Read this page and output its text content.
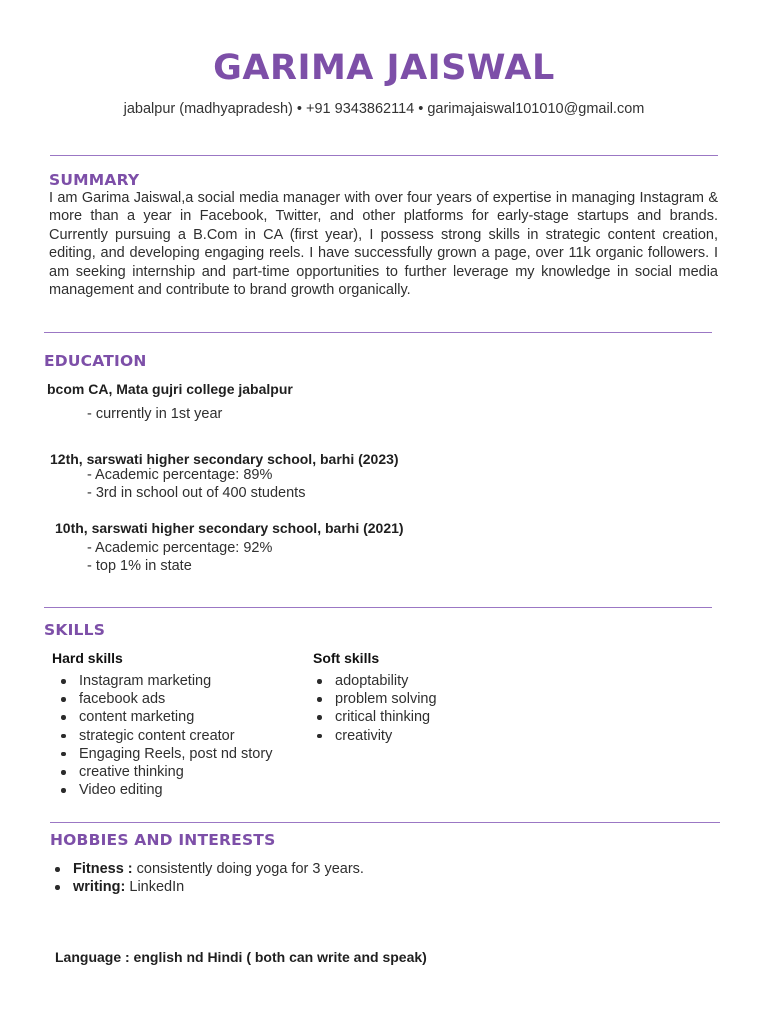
GARIMA JAISWAL
jabalpur (madhyapradesh) • +91 9343862114 • garimajaiswal101010@gmail.com
SUMMARY
I am Garima Jaiswal,a social media manager with over four years of expertise in managing Instagram & more than a year in Facebook, Twitter, and other platforms for early-stage startups and brands. Currently pursuing a B.Com in CA (first year), I possess strong skills in strategic content creation, editing, and developing engaging reels. I have successfully grown a page, over 11k organic followers. I am seeking internship and part-time opportunities to further leverage my knowledge in social media management and contribute to brand growth organically.
EDUCATION
bcom CA, Mata gujri college jabalpur
- currently in 1st year
12th, sarswati higher secondary school, barhi (2023)
- Academic percentage: 89%
- 3rd in school out of 400 students
10th, sarswati higher secondary school, barhi (2021)
- Academic percentage: 92%
- top 1% in state
SKILLS
Hard skills
Instagram marketing
facebook ads
content marketing
strategic content creator
Engaging Reels, post nd story
creative thinking
Video editing
Soft skills
adoptability
problem solving
critical thinking
creativity
HOBBIES AND INTERESTS
Fitness : consistently doing yoga for 3 years.
writing: LinkedIn
Language : english nd Hindi ( both can write and speak)
